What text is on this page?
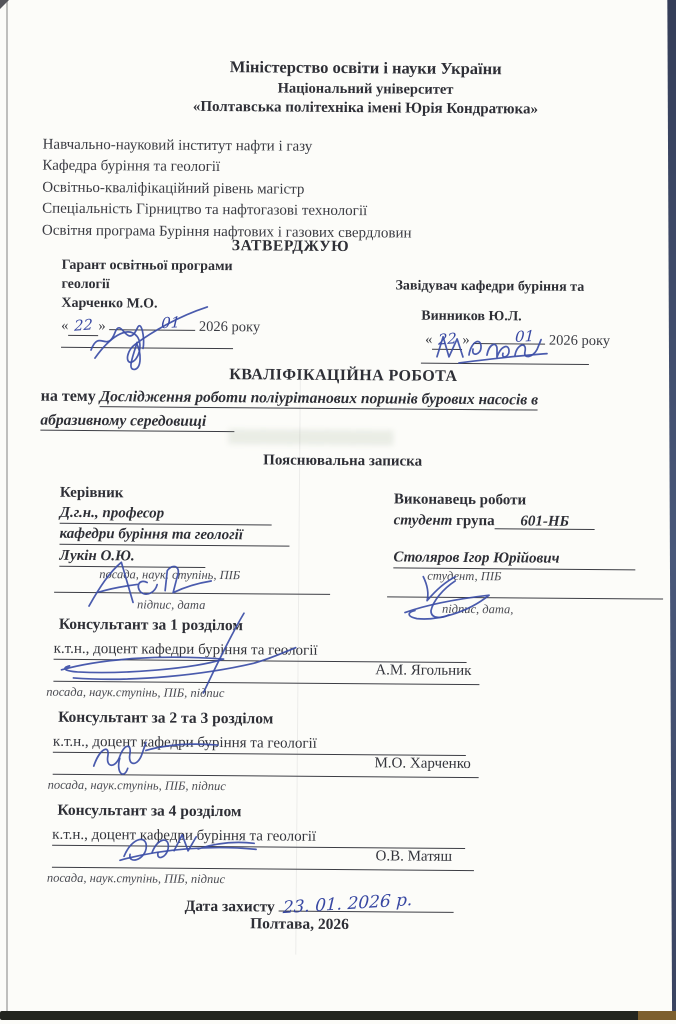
Міністерство освіти і науки України
Національний університет
«Полтавська політехніка імені Юрія Кондратюка»
Навчально-науковий інститут нафти і газу
Кафедра буріння та геології
Освітньо-кваліфікаційний рівень магістр
Спеціальність Гірництво та нафтогазові технології
Освітня програма Буріння нафтових і газових свердловин
ЗАТВЕРДЖУЮ
Гарант освітньої програми
геології
Харченко М.О.
« 22 »	01 2026 року
Завідувач кафедри буріння та
Винников Ю.Л.
« 22 »	01 2026 року
КВАЛІФІКАЦІЙНА РОБОТА
на тему Дослідження роботи поліурітанових поршнів бурових насосів в
абразивному середовищі
Пояснювальна записка
Керівник
Д.г.н., професор
кафедри буріння та геології
Лукін О.Ю.
посада, наук. ступінь, ПІБ
підпис, дата
Виконавець роботи
студент група 601-НБ
Столяров Ігор Юрійович
студент, ПІБ
підпис, дата,
Консультант за 1 розділом
к.т.н., доцент кафедри буріння та геології
А.М. Ягольник
посада, наук.ступінь, ПІБ, підпис
Консультант за 2 та 3 розділом
к.т.н., доцент кафедри буріння та геології
М.О. Харченко
посада, наук.ступінь, ПІБ, підпис
Консультант за 4 розділом
к.т.н., доцент кафедри буріння та геології
О.В. Матяш
посада, наук.ступінь, ПІБ, підпис
Дата захисту 23. 01. 2026 р.
Полтава, 2026
